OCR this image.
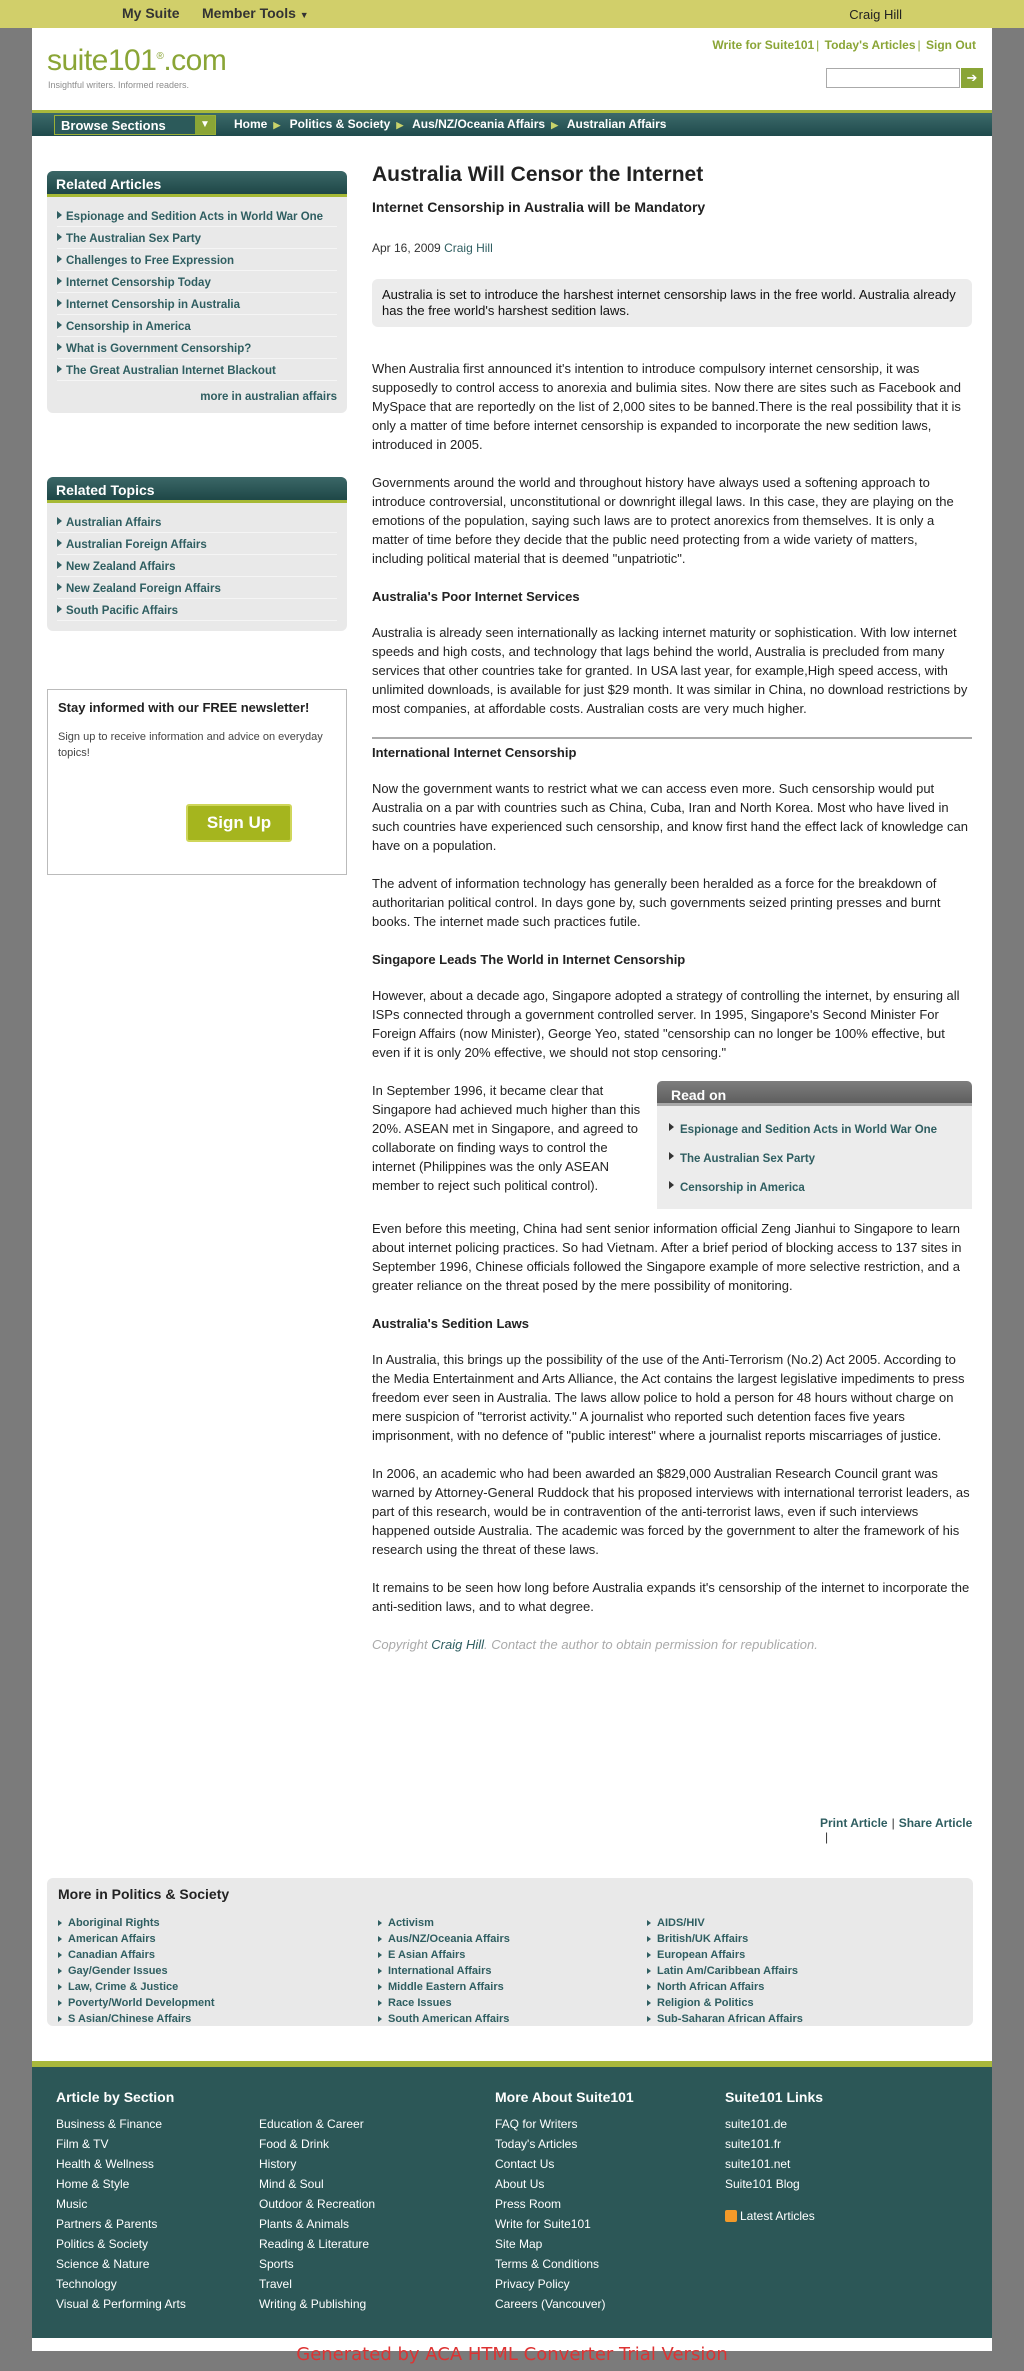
My Suite Member Tools ▼	Craig Hill
suite101®.com
Insightful writers. Informed readers.
Write for Suite101 | Today's Articles | Sign Out
➔
Browse Sections	▼	Home ▶ Politics & Society ▶ Aus/NZ/Oceania Affairs ▶ Australian Affairs
Related Articles
Espionage and Sedition Acts in World War One
The Australian Sex Party
Challenges to Free Expression
Internet Censorship Today
Internet Censorship in Australia
Censorship in America
What is Government Censorship?
The Great Australian Internet Blackout
more in australian affairs
Related Topics
Australian Affairs
Australian Foreign Affairs
New Zealand Affairs
New Zealand Foreign Affairs
South Pacific Affairs
Stay informed with our FREE newsletter!

Sign up to receive information and advice on everyday topics!

Sign Up Here!
Australia Will Censor the Internet
Internet Censorship in Australia will be Mandatory
Apr 16, 2009 Craig Hill
Australia is set to introduce the harshest internet censorship laws in the free world. Australia already has the free world's harshest sedition laws.

When Australia first announced it's intention to introduce compulsory internet censorship, it was supposedly to control access to anorexia and bulimia sites. Now there are sites such as Facebook and MySpace that are reportedly on the list of 2,000 sites to be banned.There is the real possibility that it is only a matter of time before internet censorship is expanded to incorporate the new sedition laws, introduced in 2005.

Governments around the world and throughout history have always used a softening approach to introduce controversial, unconstitutional or downright illegal laws. In this case, they are playing on the emotions of the population, saying such laws are to protect anorexics from themselves. It is only a matter of time before they decide that the public need protecting from a wide variety of matters, including political material that is deemed "unpatriotic".

Australia's Poor Internet Services

Australia is already seen internationally as lacking internet maturity or sophistication. With low internet speeds and high costs, and technology that lags behind the world, Australia is precluded from many services that other countries take for granted. In USA last year, for example,High speed access, with unlimited downloads, is available for just $29 month. It was similar in China, no download restrictions by most companies, at affordable costs. Australian costs are very much higher.

International Internet Censorship

Now the government wants to restrict what we can access even more. Such censorship would put Australia on a par with countries such as China, Cuba, Iran and North Korea. Most who have lived in such countries have experienced such censorship, and know first hand the effect lack of knowledge can have on a population.

The advent of information technology has generally been heralded as a force for the breakdown of authoritarian political control. In days gone by, such governments seized printing presses and burnt books. The internet made such practices futile.

Singapore Leads The World in Internet Censorship

However, about a decade ago, Singapore adopted a strategy of controlling the internet, by ensuring all ISPs connected through a government controlled server. In 1995, Singapore's Second Minister For Foreign Affairs (now Minister), George Yeo, stated "censorship can no longer be 100% effective, but even if it is only 20% effective, we should not stop censoring."

Read on
Espionage and Sedition Acts in World War One
The Australian Sex Party
Censorship in America

In September 1996, it became clear that Singapore had achieved much higher than this 20%. ASEAN met in Singapore, and agreed to collaborate on finding ways to control the internet (Philippines was the only ASEAN member to reject such political control).

Even before this meeting, China had sent senior information official Zeng Jianhui to Singapore to learn about internet policing practices. So had Vietnam. After a brief period of blocking access to 137 sites in September 1996, Chinese officials followed the Singapore example of more selective restriction, and a greater reliance on the threat posed by the mere possibility of monitoring.

Australia's Sedition Laws

In Australia, this brings up the possibility of the use of the Anti-Terrorism (No.2) Act 2005. According to the Media Entertainment and Arts Alliance, the Act contains the largest legislative impediments to press freedom ever seen in Australia. The laws allow police to hold a person for 48 hours without charge on mere suspicion of "terrorist activity." A journalist who reported such detention faces five years imprisonment, with no defence of "public interest" where a journalist reports miscarriages of justice.

In 2006, an academic who had been awarded an $829,000 Australian Research Council grant was warned by Attorney-General Ruddock that his proposed interviews with international terrorist leaders, as part of this research, would be in contravention of the anti-terrorist laws, even if such interviews happened outside Australia. The academic was forced by the government to alter the framework of his research using the threat of these laws.

It remains to be seen how long before Australia expands it's censorship of the internet to incorporate the anti-sedition laws, and to what degree.

Copyright Craig Hill. Contact the author to obtain permission for republication.
Print Article | Share Article
|
More in Politics & Society
Aboriginal Rights
American Affairs
Canadian Affairs
Gay/Gender Issues
Law, Crime & Justice
Poverty/World Development
S Asian/Chinese Affairs
Activism
Aus/NZ/Oceania Affairs
E Asian Affairs
International Affairs
Middle Eastern Affairs
Race Issues
South American Affairs
AIDS/HIV
British/UK Affairs
European Affairs
Latin Am/Caribbean Affairs
North African Affairs
Religion & Politics
Sub-Saharan African Affairs
Article by Section
Business & Finance
Film & TV
Health & Wellness
Home & Style
Music
Partners & Parents
Politics & Society
Science & Nature
Technology
Visual & Performing Arts
Education & Career
Food & Drink
History
Mind & Soul
Outdoor & Recreation
Plants & Animals
Reading & Literature
Sports
Travel
Writing & Publishing
More About Suite101
FAQ for Writers
Today's Articles
Contact Us
About Us
Press Room
Write for Suite101
Site Map
Terms & Conditions
Privacy Policy
Careers (Vancouver)
Suite101 Links
suite101.de
suite101.fr
suite101.net
Suite101 Blog
Latest Articles
Generated by ACA HTML Converter Trial Version
